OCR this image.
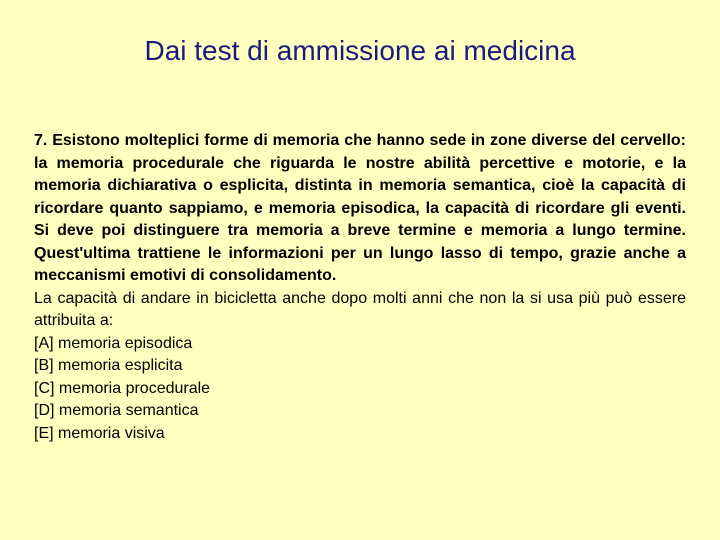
Dai test di ammissione ai medicina

7. Esistono molteplici forme di memoria che hanno sede in zone diverse del cervello: la memoria procedurale che riguarda le nostre abilità percettive e motorie, e la memoria dichiarativa o esplicita, distinta in memoria semantica, cioè la capacità di ricordare quanto sappiamo, e memoria episodica, la capacità di ricordare gli eventi. Si deve poi distinguere tra memoria a breve termine e memoria a lungo termine. Quest'ultima trattiene le informazioni per un lungo lasso di tempo, grazie anche a meccanismi emotivi di consolidamento.

La capacità di andare in bicicletta anche dopo molti anni che non la si usa più può essere attribuita a:

[A] memoria episodica
[B] memoria esplicita
[C] memoria procedurale
[D] memoria semantica
[E] memoria visiva
